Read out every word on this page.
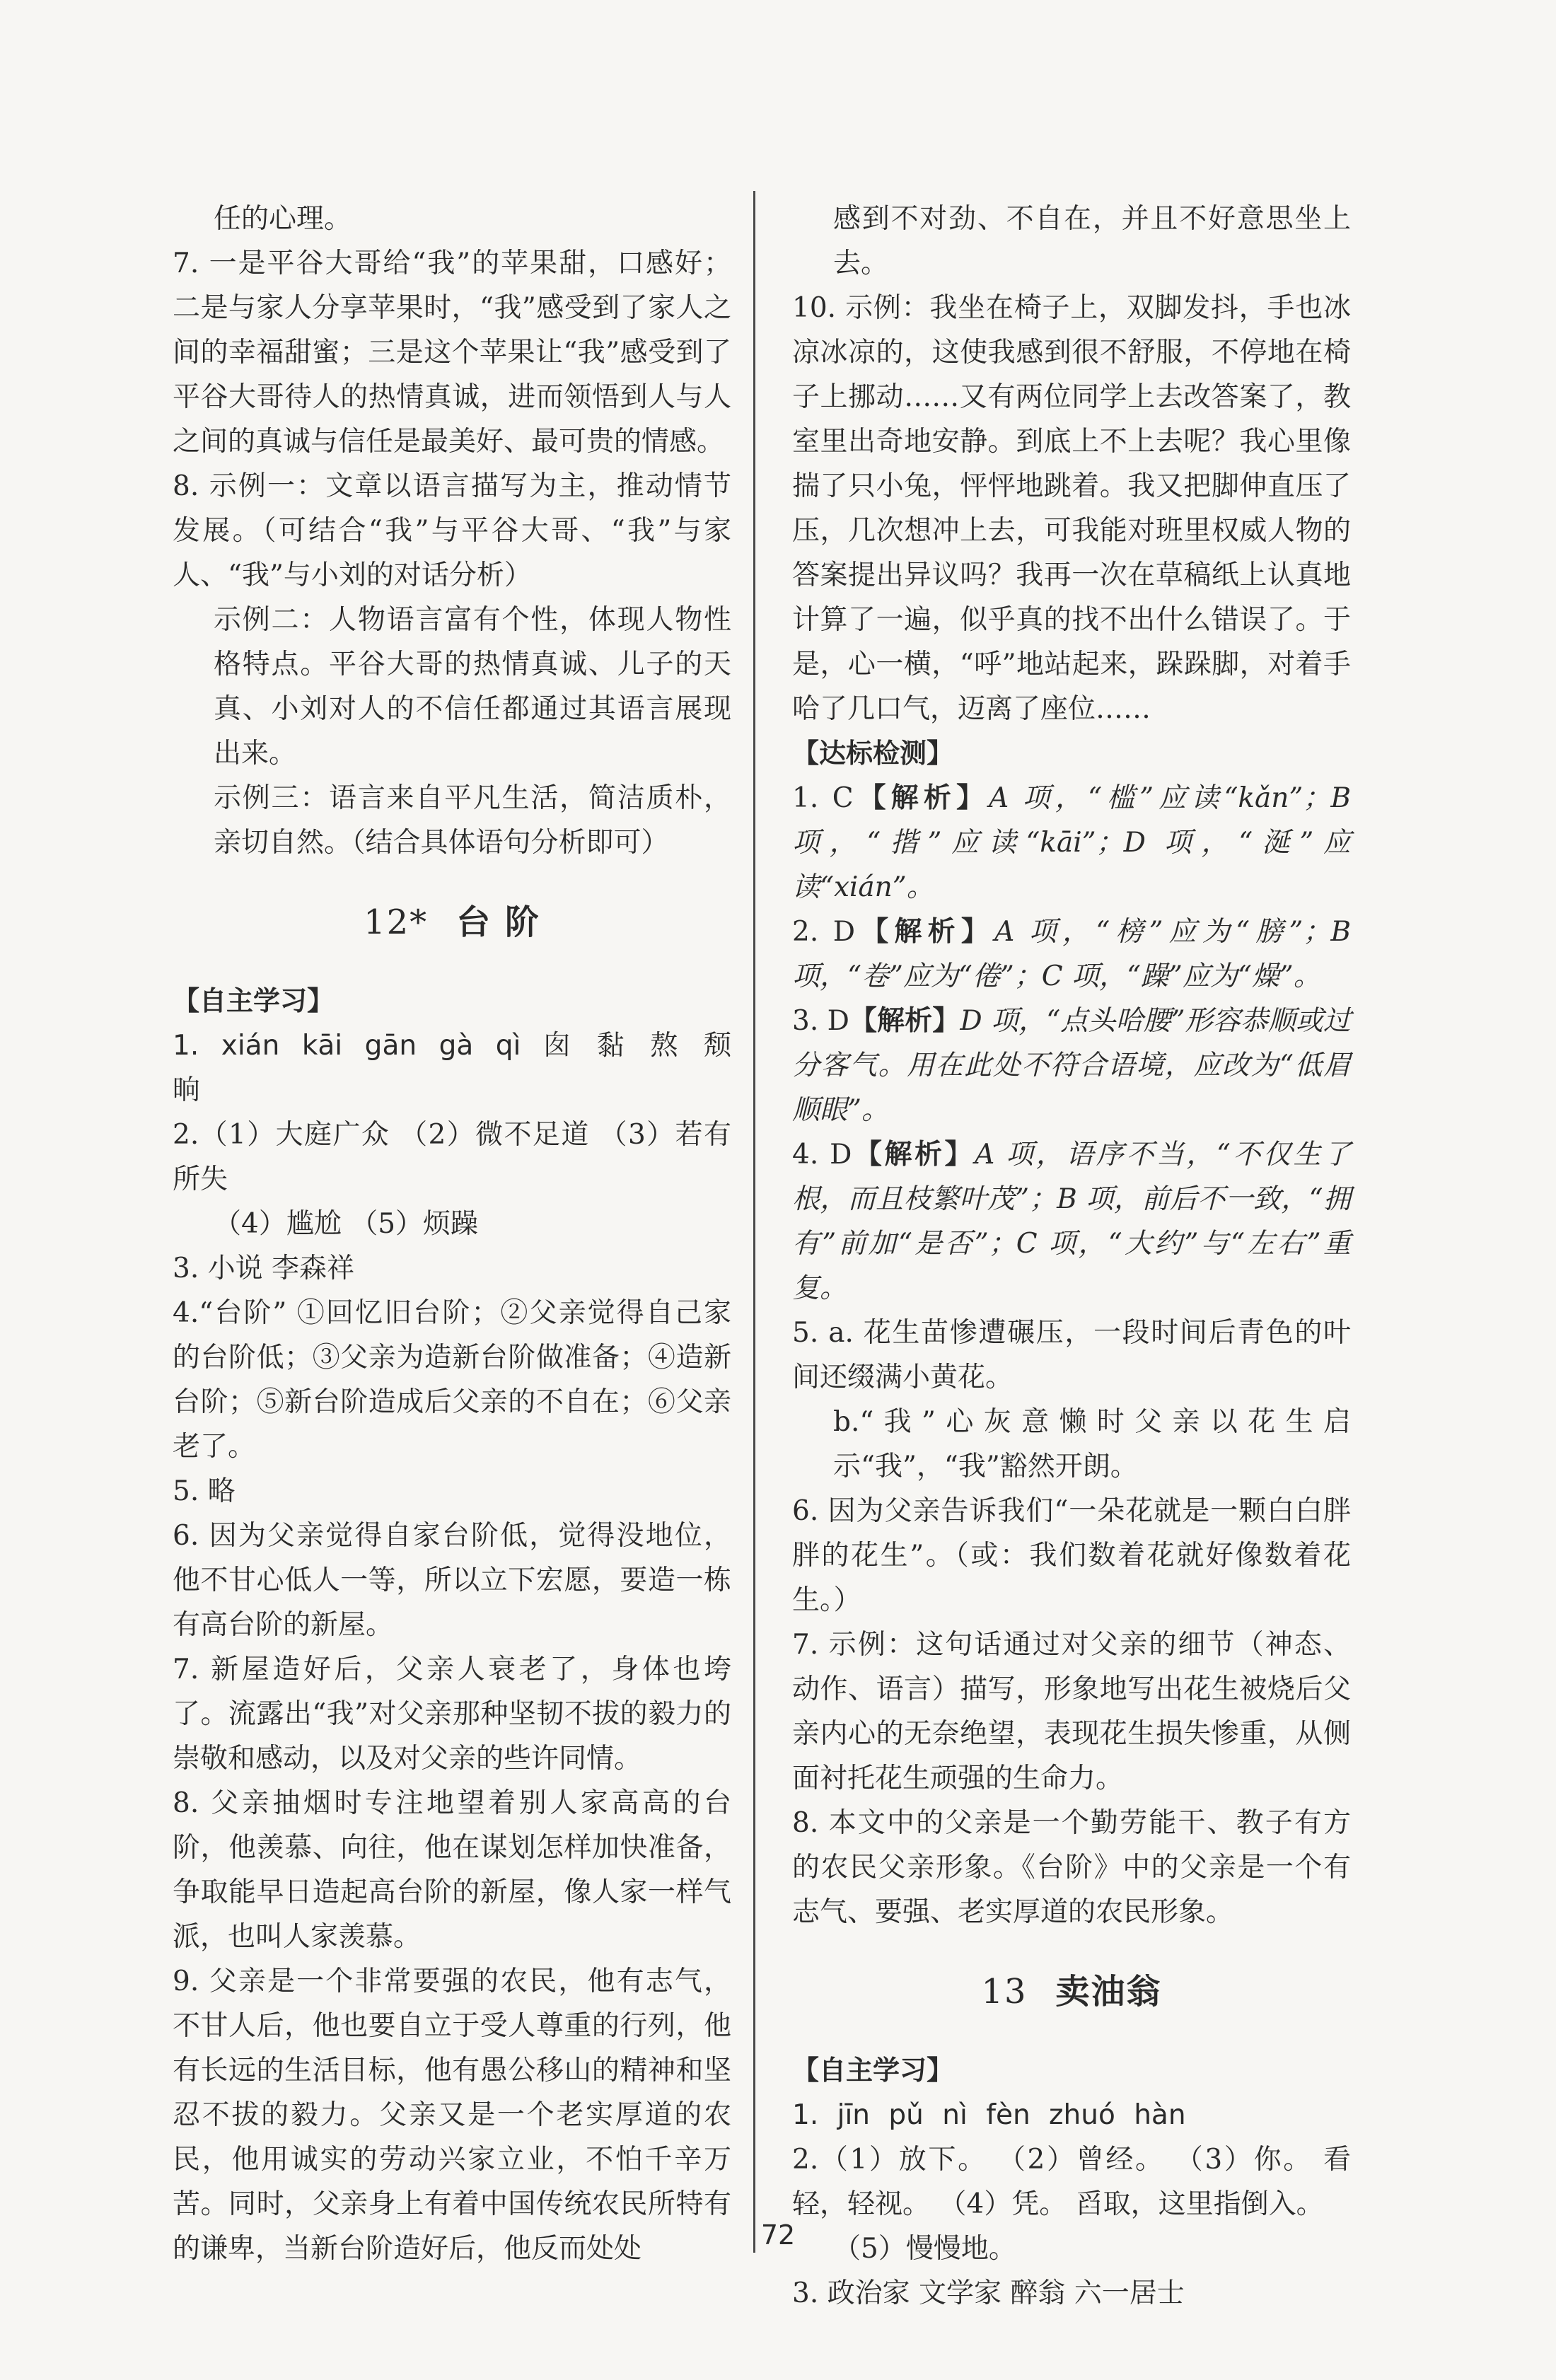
任的心理。

7. 一是平谷大哥给“我”的苹果甜，口感好；二是与家人分享苹果时，“我”感受到了家人之间的幸福甜蜜；三是这个苹果让“我”感受到了平谷大哥待人的热情真诚，进而领悟到人与人之间的真诚与信任是最美好、最可贵的情感。

8. 示例一：文章以语言描写为主，推动情节发展。（可结合“我”与平谷大哥、“我”与家人、“我”与小刘的对话分析）

示例二：人物语言富有个性，体现人物性格特点。平谷大哥的热情真诚、儿子的天真、小刘对人的不信任都通过其语言展现出来。

示例三：语言来自平凡生活，简洁质朴，亲切自然。（结合具体语句分析即可）

12* 台 阶

【自主学习】

1. xián kāi gān gà qì 囱 黏 熬 颓 晌

2.（1）大庭广众 （2）微不足道 （3）若有所失

（4）尴尬 （5）烦躁

3. 小说 李森祥

4.“台阶” ①回忆旧台阶；②父亲觉得自己家的台阶低；③父亲为造新台阶做准备；④造新台阶；⑤新台阶造成后父亲的不自在；⑥父亲老了。

5. 略

6. 因为父亲觉得自家台阶低，觉得没地位，他不甘心低人一等，所以立下宏愿，要造一栋有高台阶的新屋。

7. 新屋造好后，父亲人衰老了，身体也垮了。流露出“我”对父亲那种坚韧不拔的毅力的崇敬和感动，以及对父亲的些许同情。

8. 父亲抽烟时专注地望着别人家高高的台阶，他羡慕、向往，他在谋划怎样加快准备，争取能早日造起高台阶的新屋，像人家一样气派，也叫人家羡慕。

9. 父亲是一个非常要强的农民，他有志气，不甘人后，他也要自立于受人尊重的行列，他有长远的生活目标，他有愚公移山的精神和坚忍不拔的毅力。父亲又是一个老实厚道的农民，他用诚实的劳动兴家立业，不怕千辛万苦。同时，父亲身上有着中国传统农民所特有的谦卑，当新台阶造好后，他反而处处

感到不对劲、不自在，并且不好意思坐上去。

10. 示例：我坐在椅子上，双脚发抖，手也冰凉冰凉的，这使我感到很不舒服，不停地在椅子上挪动……又有两位同学上去改答案了，教室里出奇地安静。到底上不上去呢？我心里像揣了只小兔，怦怦地跳着。我又把脚伸直压了压，几次想冲上去，可我能对班里权威人物的答案提出异议吗？我再一次在草稿纸上认真地计算了一遍，似乎真的找不出什么错误了。于是，心一横，“呼”地站起来，跺跺脚，对着手哈了几口气，迈离了座位……

【达标检测】

1. C【解析】A 项，“槛”应读“kǎn”；B 项，“揩”应读“kāi”；D 项，“涎”应读“xián”。

2. D【解析】A 项，“榜”应为“膀”；B 项，“卷”应为“倦”；C 项，“躁”应为“燥”。

3. D【解析】D 项，“点头哈腰”形容恭顺或过分客气。用在此处不符合语境，应改为“低眉顺眼”。

4. D【解析】A 项，语序不当，“不仅生了根，而且枝繁叶茂”；B 项，前后不一致，“拥有”前加“是否”；C 项，“大约”与“左右”重复。

5. a. 花生苗惨遭碾压，一段时间后青色的叶间还缀满小黄花。

b.“我”心灰意懒时父亲以花生启示“我”，“我”豁然开朗。

6. 因为父亲告诉我们“一朵花就是一颗白白胖胖的花生”。（或：我们数着花就好像数着花生。）

7. 示例：这句话通过对父亲的细节（神态、动作、语言）描写，形象地写出花生被烧后父亲内心的无奈绝望，表现花生损失惨重，从侧面衬托花生顽强的生命力。

8. 本文中的父亲是一个勤劳能干、教子有方的农民父亲形象。《台阶》中的父亲是一个有志气、要强、老实厚道的农民形象。

13 卖油翁

【自主学习】

1. jīn pǔ nì fèn zhuó hàn

2.（1）放下。 （2）曾经。 （3）你。 看轻，轻视。 （4）凭。 舀取，这里指倒入。

（5）慢慢地。

3. 政治家 文学家 醉翁 六一居士

72
